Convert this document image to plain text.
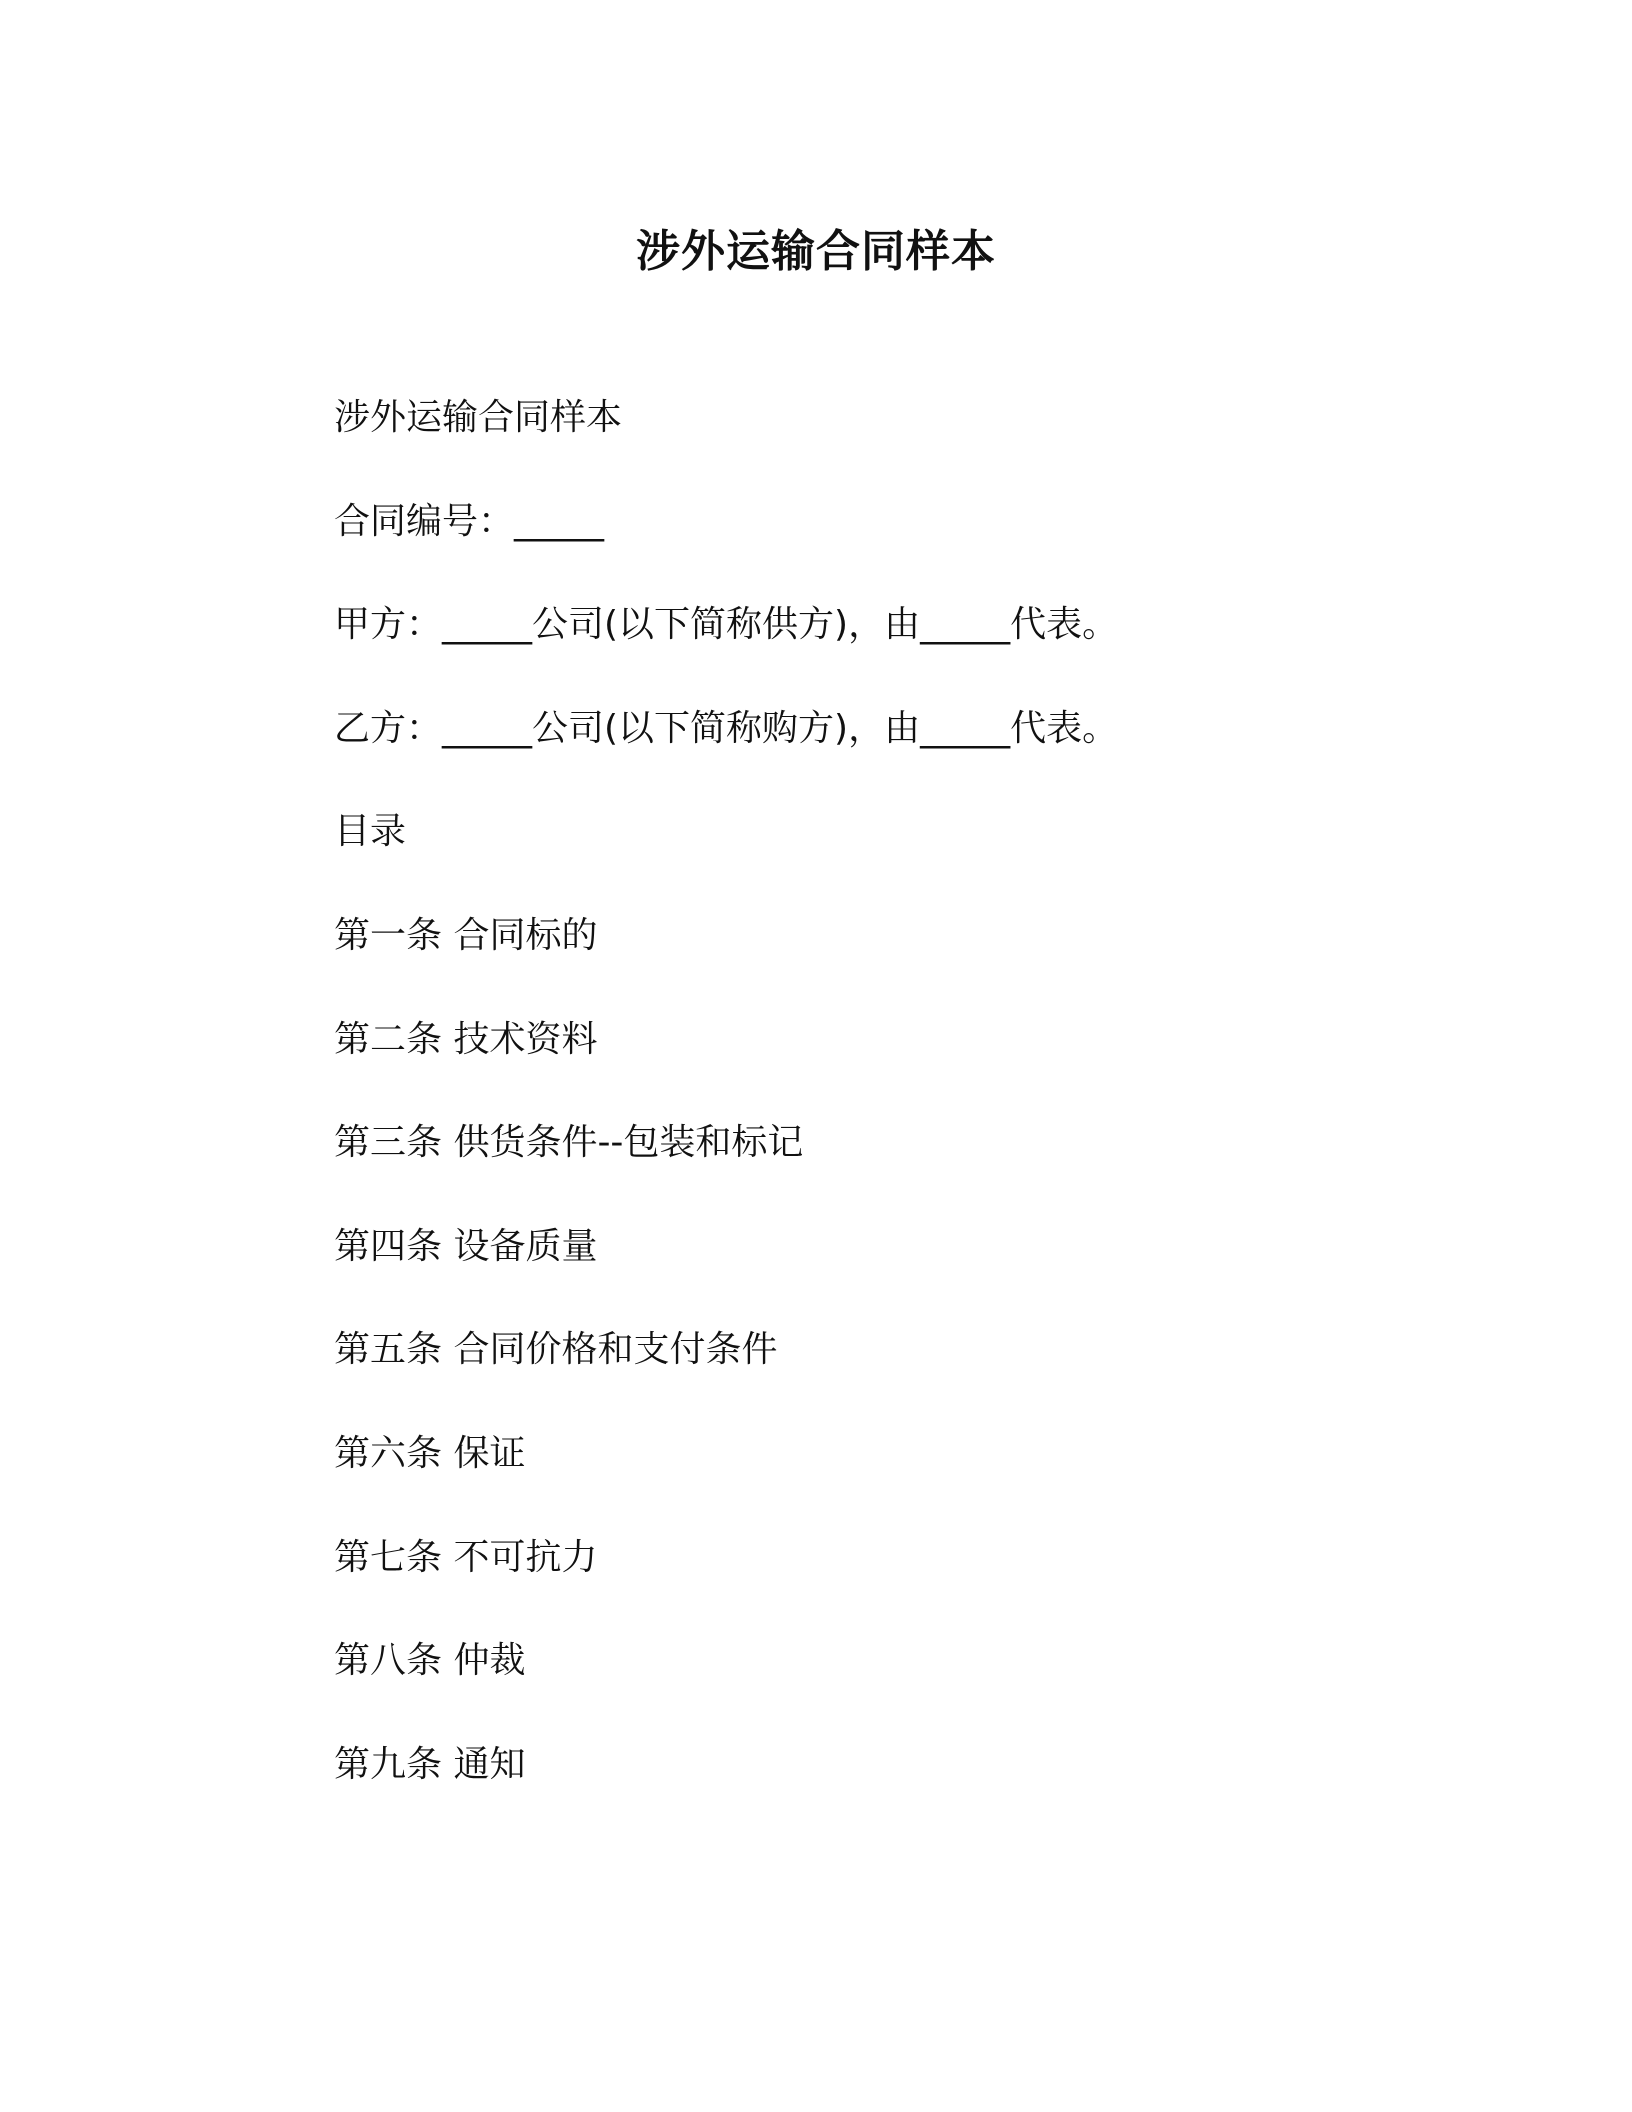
涉外运输合同样本

涉外运输合同样本

合同编号：_____

甲方：_____公司(以下简称供方)，由_____代表。

乙方：_____公司(以下简称购方)，由_____代表。

目录

第一条 合同标的

第二条 技术资料

第三条 供货条件--包装和标记

第四条 设备质量

第五条 合同价格和支付条件

第六条 保证

第七条 不可抗力

第八条 仲裁

第九条 通知
